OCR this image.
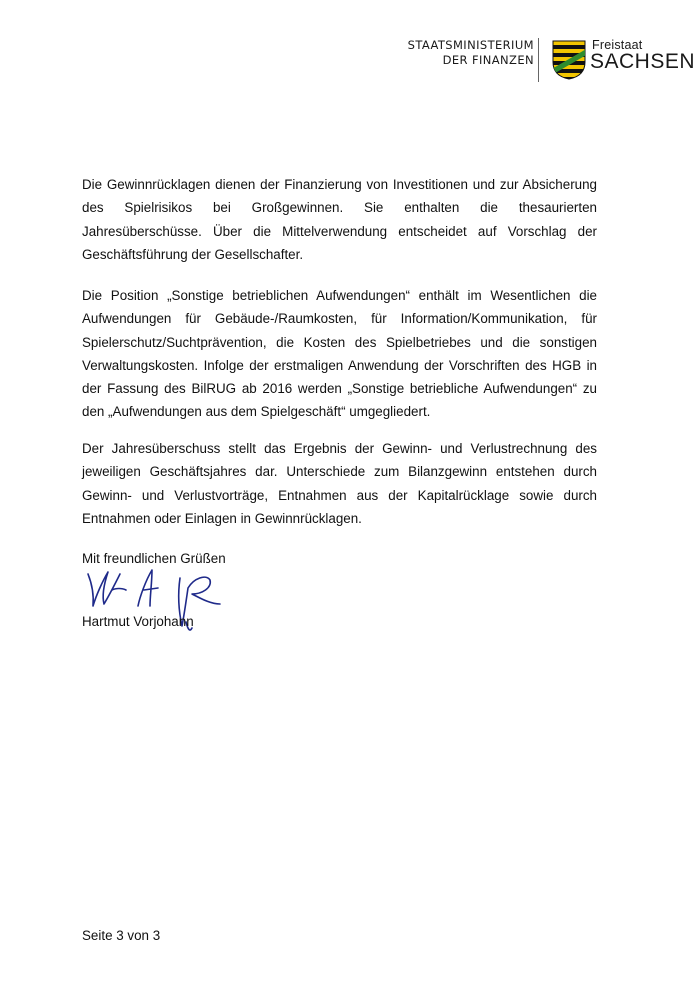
STAATSMINISTERIUM
DER FINANZEN
Freistaat
SACHSEN

Die Gewinnrücklagen dienen der Finanzierung von Investitionen und zur Absicherung des Spielrisikos bei Großgewinnen. Sie enthalten die thesaurierten Jahresüberschüsse. Über die Mittelverwendung entscheidet auf Vorschlag der Geschäftsführung der Gesellschafter.

Die Position „Sonstige betrieblichen Aufwendungen“ enthält im Wesentlichen die Aufwendungen für Gebäude-/Raumkosten, für Information/Kommunikation, für Spielerschutz/Suchtprävention, die Kosten des Spielbetriebes und die sonstigen Verwaltungskosten. Infolge der erstmaligen Anwendung der Vorschriften des HGB in der Fassung des BilRUG ab 2016 werden „Sonstige betriebliche Aufwendungen“ zu den „Aufwendungen aus dem Spielgeschäft“ umgegliedert.

Der Jahresüberschuss stellt das Ergebnis der Gewinn- und Verlustrechnung des jeweiligen Geschäftsjahres dar. Unterschiede zum Bilanzgewinn entstehen durch Gewinn- und Verlustvorträge, Entnahmen aus der Kapitalrücklage sowie durch Entnahmen oder Einlagen in Gewinnrücklagen.

Mit freundlichen Grüßen
Hartmut Vorjohann
Seite 3 von 3
